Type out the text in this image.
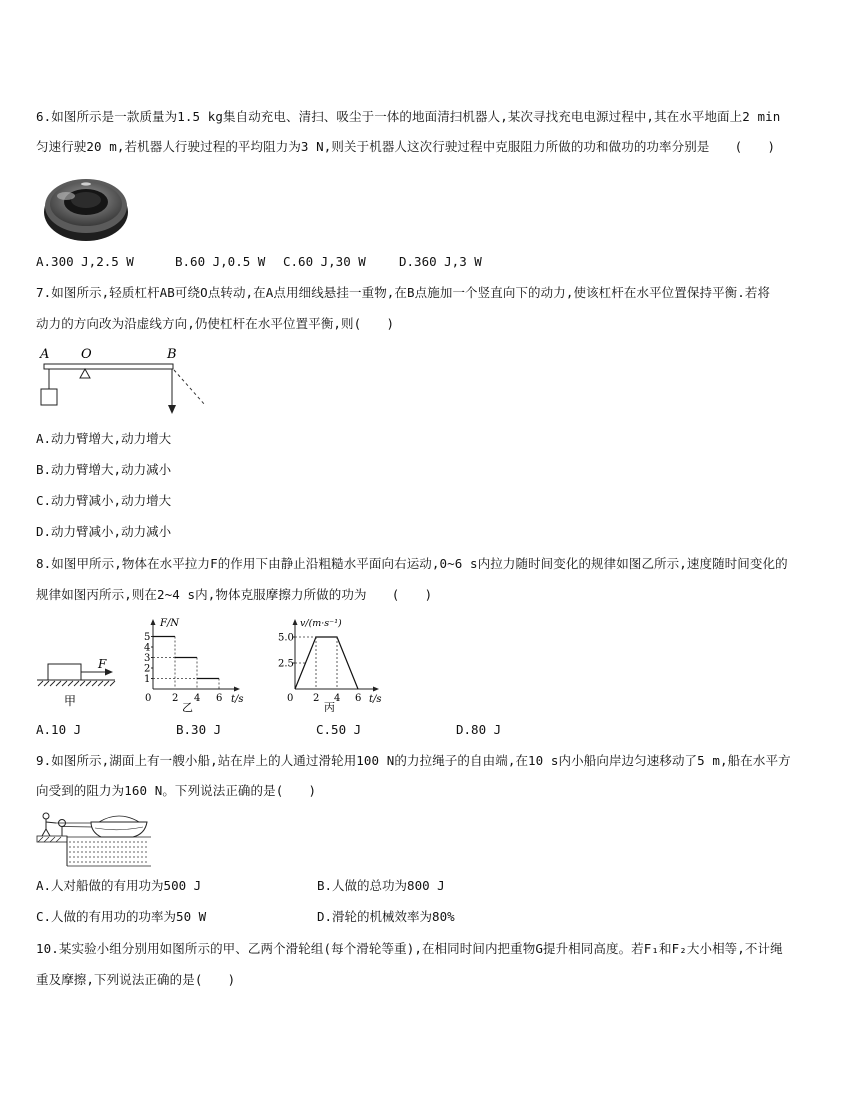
6.如图所示是一款质量为1.5 kg集自动充电、清扫、吸尘于一体的地面清扫机器人,某次寻找充电电源过程中,其在水平地面上2 min
匀速行驶20 m,若机器人行驶过程的平均阻力为3 N,则关于机器人这次行驶过程中克服阻力所做的功和做功的功率分别是　　(　　)
A.300 J,2.5 W	B.60 J,0.5 W C.60 J,30 W	D.360 J,3 W
7.如图所示,轻质杠杆AB可绕O点转动,在A点用细线悬挂一重物,在B点施加一个竖直向下的动力,使该杠杆在水平位置保持平衡.若将
动力的方向改为沿虚线方向,仍使杠杆在水平位置平衡,则(　　)
A O	B
A.动力臂增大,动力增大
B.动力臂增大,动力减小
C.动力臂减小,动力增大
D.动力臂减小,动力减小
8.如图甲所示,物体在水平拉力F的作用下由静止沿粗糙水平面向右运动,0~6 s内拉力随时间变化的规律如图乙所示,速度随时间变化的
规律如图丙所示,则在2~4 s内,物体克服摩擦力所做的功为　　(　　)
F
甲
F/N
t/s
5
4
3
2
1
0 2 4 6
乙
v/(m·s⁻¹)
t/s
5.0
2.5
0 2 4 6
丙
A.10 J	B.30 J	C.50 J	D.80 J
9.如图所示,湖面上有一艘小船,站在岸上的人通过滑轮用100 N的力拉绳子的自由端,在10 s内小船向岸边匀速移动了5 m,船在水平方
向受到的阻力为160 N。下列说法正确的是(　　)
A.人对船做的有用功为500 J	B.人做的总功为800 J
C.人做的有用功的功率为50 W	D.滑轮的机械效率为80%
10.某实验小组分别用如图所示的甲、乙两个滑轮组(每个滑轮等重),在相同时间内把重物G提升相同高度。若F₁和F₂大小相等,不计绳
重及摩擦,下列说法正确的是(　　)
